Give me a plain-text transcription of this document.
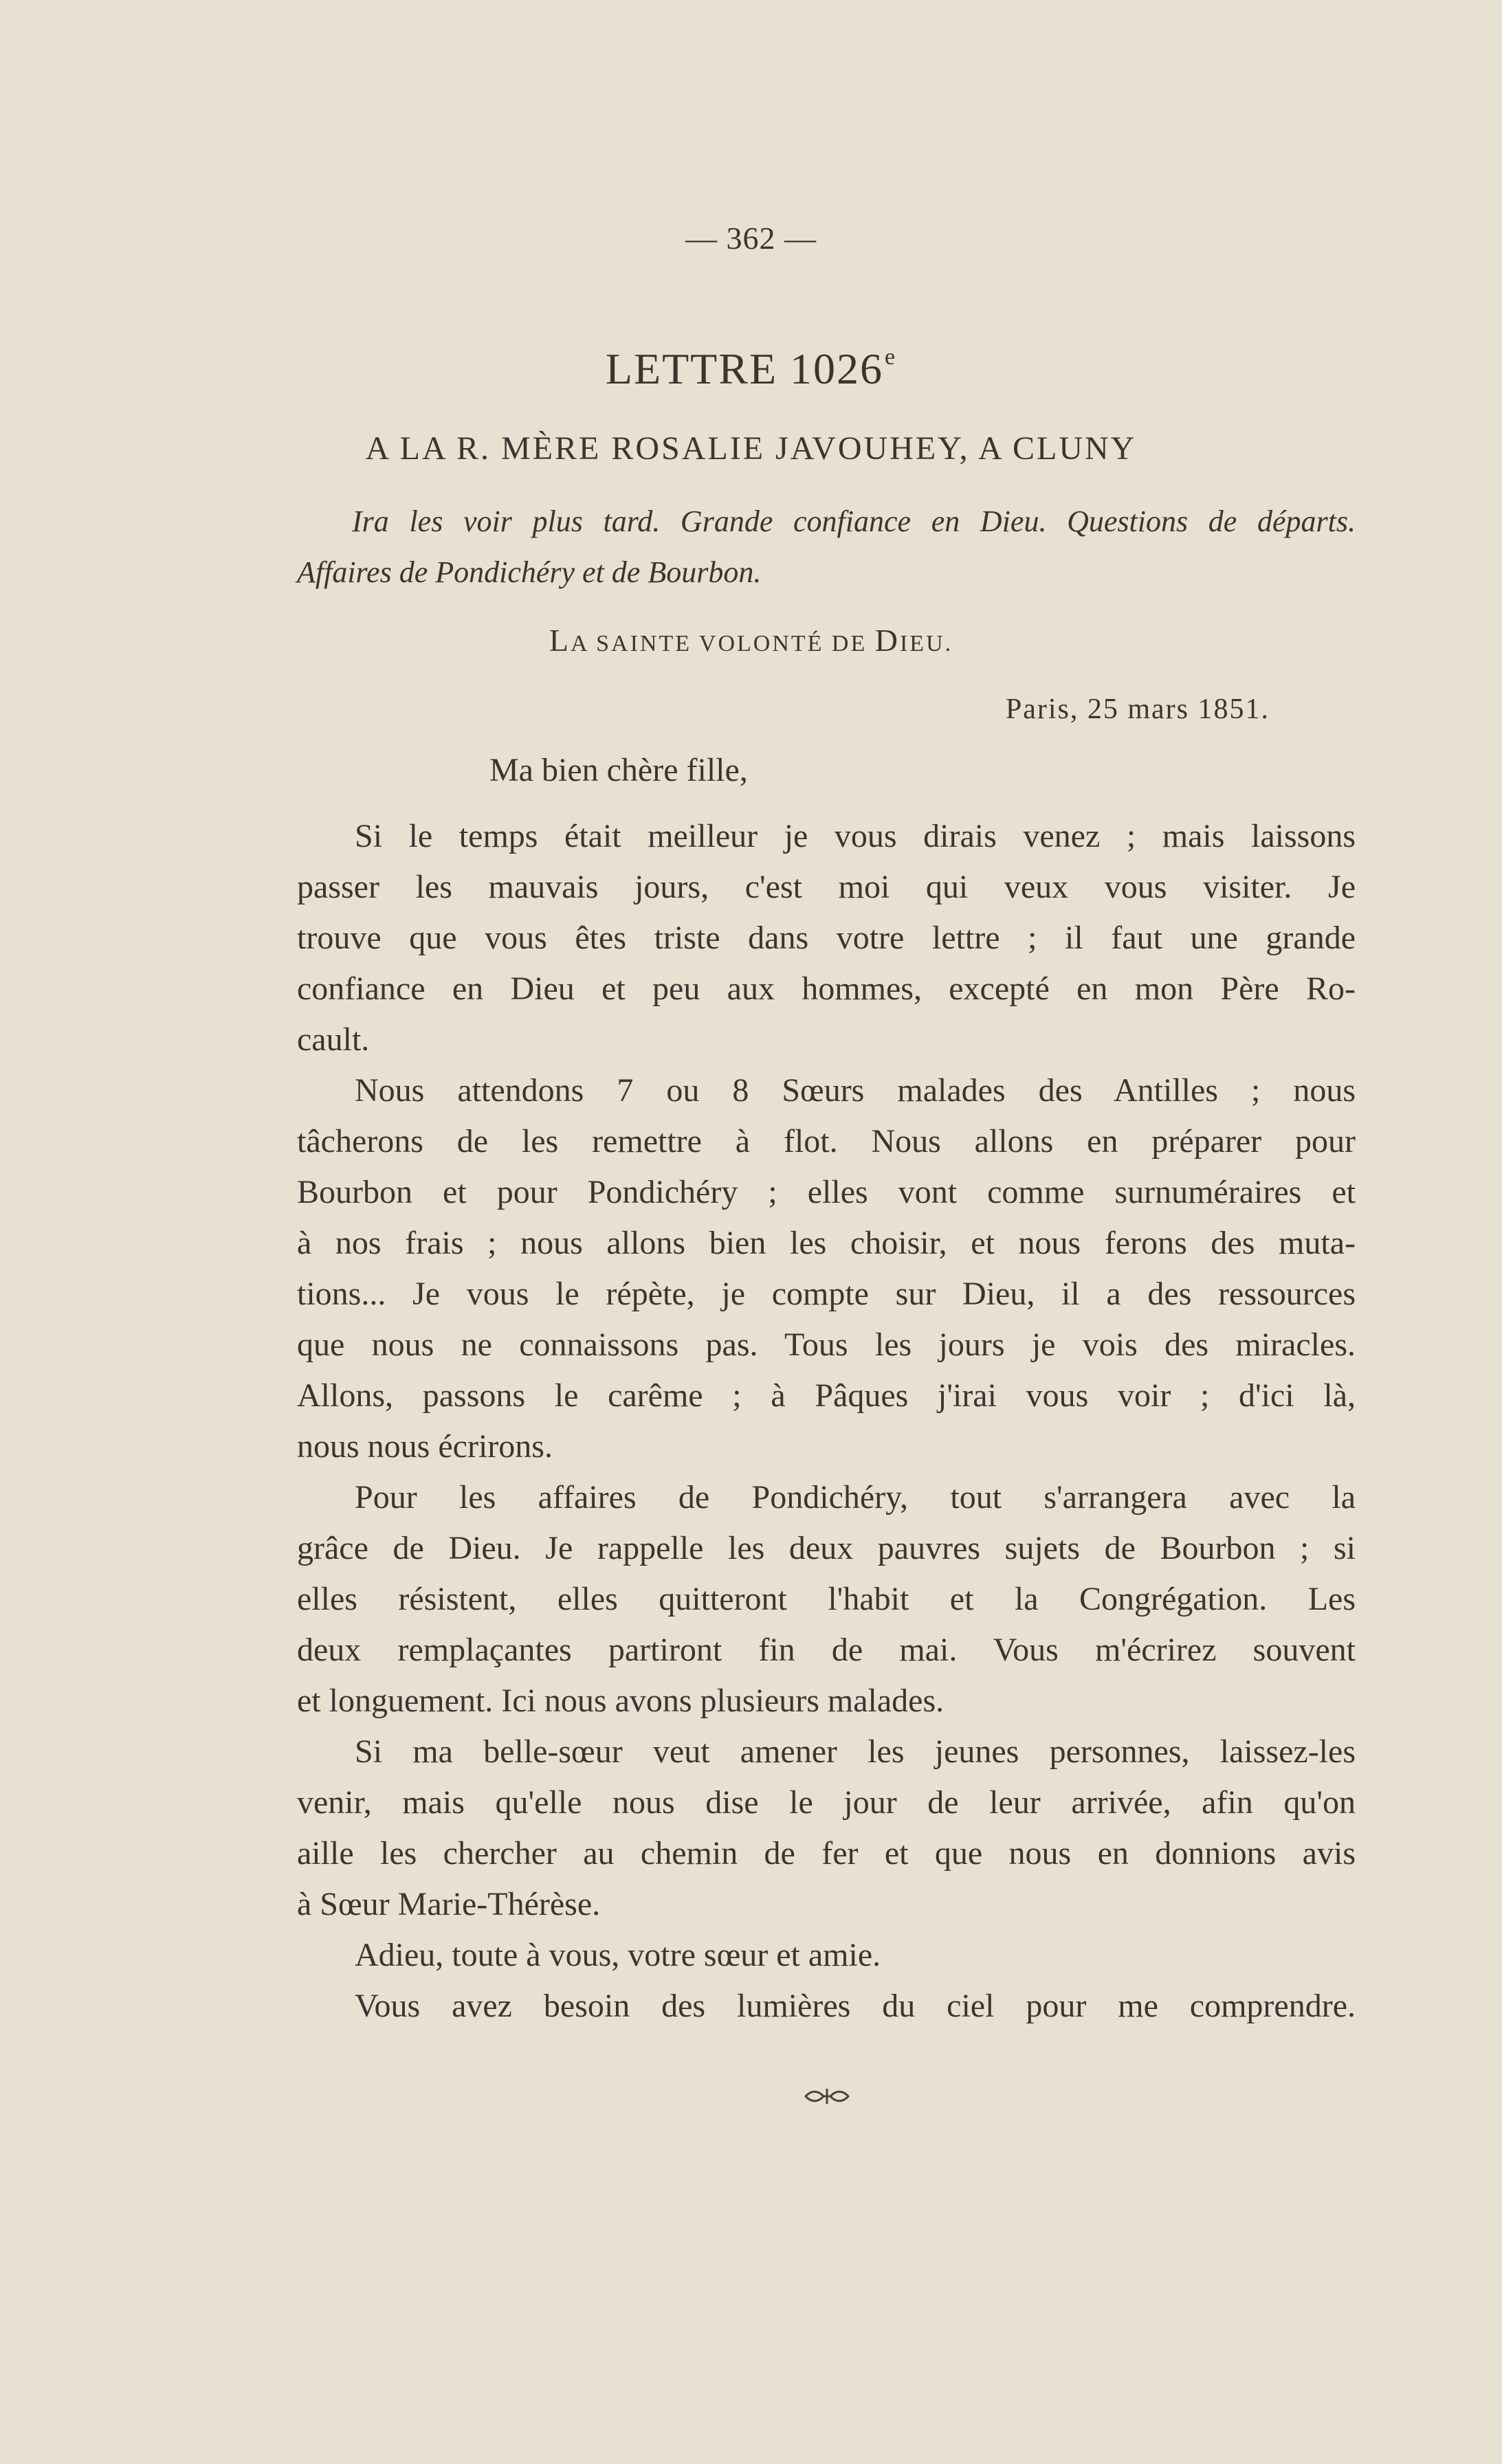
— 362 —
LETTRE 1026e
A LA R. MÈRE ROSALIE JAVOUHEY, A CLUNY
Ira les voir plus tard. Grande confiance en Dieu. Questions de départs.
Affaires de Pondichéry et de Bourbon.
LA SAINTE VOLONTÉ DE DIEU.
Paris, 25 mars 1851.
Ma bien chère fille,
Si le temps était meilleur je vous dirais venez ; mais laissons
passer les mauvais jours, c'est moi qui veux vous visiter. Je
trouve que vous êtes triste dans votre lettre ; il faut une grande
confiance en Dieu et peu aux hommes, excepté en mon Père Ro-
cault.
Nous attendons 7 ou 8 Sœurs malades des Antilles ; nous
tâcherons de les remettre à flot. Nous allons en préparer pour
Bourbon et pour Pondichéry ; elles vont comme surnuméraires et
à nos frais ; nous allons bien les choisir, et nous ferons des muta-
tions... Je vous le répète, je compte sur Dieu, il a des ressources
que nous ne connaissons pas. Tous les jours je vois des miracles.
Allons, passons le carême ; à Pâques j'irai vous voir ; d'ici là,
nous nous écrirons.
Pour les affaires de Pondichéry, tout s'arrangera avec la
grâce de Dieu. Je rappelle les deux pauvres sujets de Bourbon ; si
elles résistent, elles quitteront l'habit et la Congrégation. Les
deux remplaçantes partiront fin de mai. Vous m'écrirez souvent
et longuement. Ici nous avons plusieurs malades.
Si ma belle-sœur veut amener les jeunes personnes, laissez-les
venir, mais qu'elle nous dise le jour de leur arrivée, afin qu'on
aille les chercher au chemin de fer et que nous en donnions avis
à Sœur Marie-Thérèse.
Adieu, toute à vous, votre sœur et amie.
Vous avez besoin des lumières du ciel pour me comprendre.
